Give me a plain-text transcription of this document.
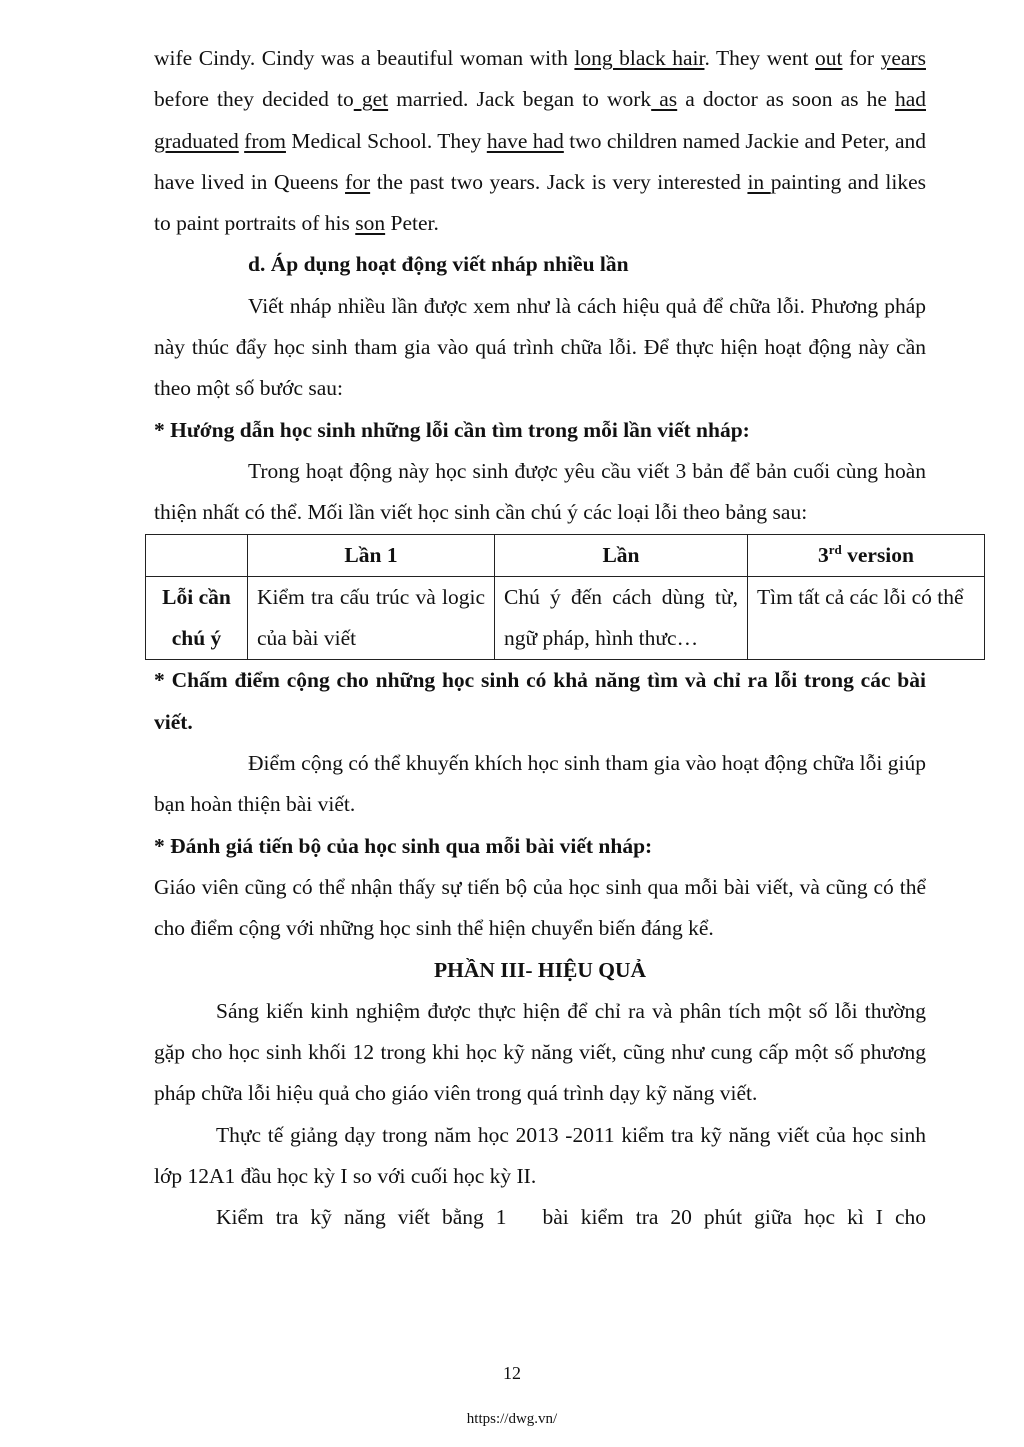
wife Cindy. Cindy was a beautiful woman with long black hair. They went out for years before they decided to get married. Jack began to work as a doctor as soon as he had graduated from Medical School. They have had two children named Jackie and Peter, and have lived in Queens for the past two years. Jack is very interested in painting and likes to paint portraits of his son Peter.

d. Áp dụng hoạt động viết nháp nhiều lần

Viết nháp nhiều lần được xem như là cách hiệu quả để chữa lỗi. Phương pháp này thúc đẩy học sinh tham gia vào quá trình chữa lỗi. Để thực hiện hoạt động này cần theo một số bước sau:

* Hướng dẫn học sinh những lỗi cần tìm trong mỗi lần viết nháp:

Trong hoạt động này học sinh được yêu cầu viết 3 bản để bản cuối cùng hoàn thiện nhất có thể. Mối lần viết học sinh cần chú ý các loại lỗi theo bảng sau:

	Lần 1	Lần	3rd version
Lỗi cần chú ý	Kiểm tra cấu trúc và logic của bài viết	Chú ý đến cách dùng từ, ngữ pháp, hình thưc…	Tìm tất cả các lỗi có thể

* Chấm điểm cộng cho những học sinh có khả năng tìm và chỉ ra lỗi trong các bài viết.

Điểm cộng có thể khuyến khích học sinh tham gia vào hoạt động chữa lỗi giúp bạn hoàn thiện bài viết.

* Đánh giá tiến bộ của học sinh qua mỗi bài viết nháp:

Giáo viên cũng có thể nhận thấy sự tiến bộ của học sinh qua mỗi bài viết, và cũng có thể cho điểm cộng với những học sinh thể hiện chuyển biến đáng kể.

PHẦN III- HIỆU QUẢ

Sáng kiến kinh nghiệm được thực hiện để chỉ ra và phân tích một số lỗi thường gặp cho học sinh khối 12 trong khi học kỹ năng viết, cũng như cung cấp một số phương pháp chữa lỗi hiệu quả cho giáo viên trong quá trình dạy kỹ năng viết.

Thực tế giảng dạy trong năm học 2013 -2011 kiểm tra kỹ năng viết của học sinh lớp 12A1 đầu học kỳ I so với cuối học kỳ II.

Kiểm tra kỹ năng viết bằng 1   bài kiểm tra 20 phút giữa học kì I cho

12
https://dwg.vn/
